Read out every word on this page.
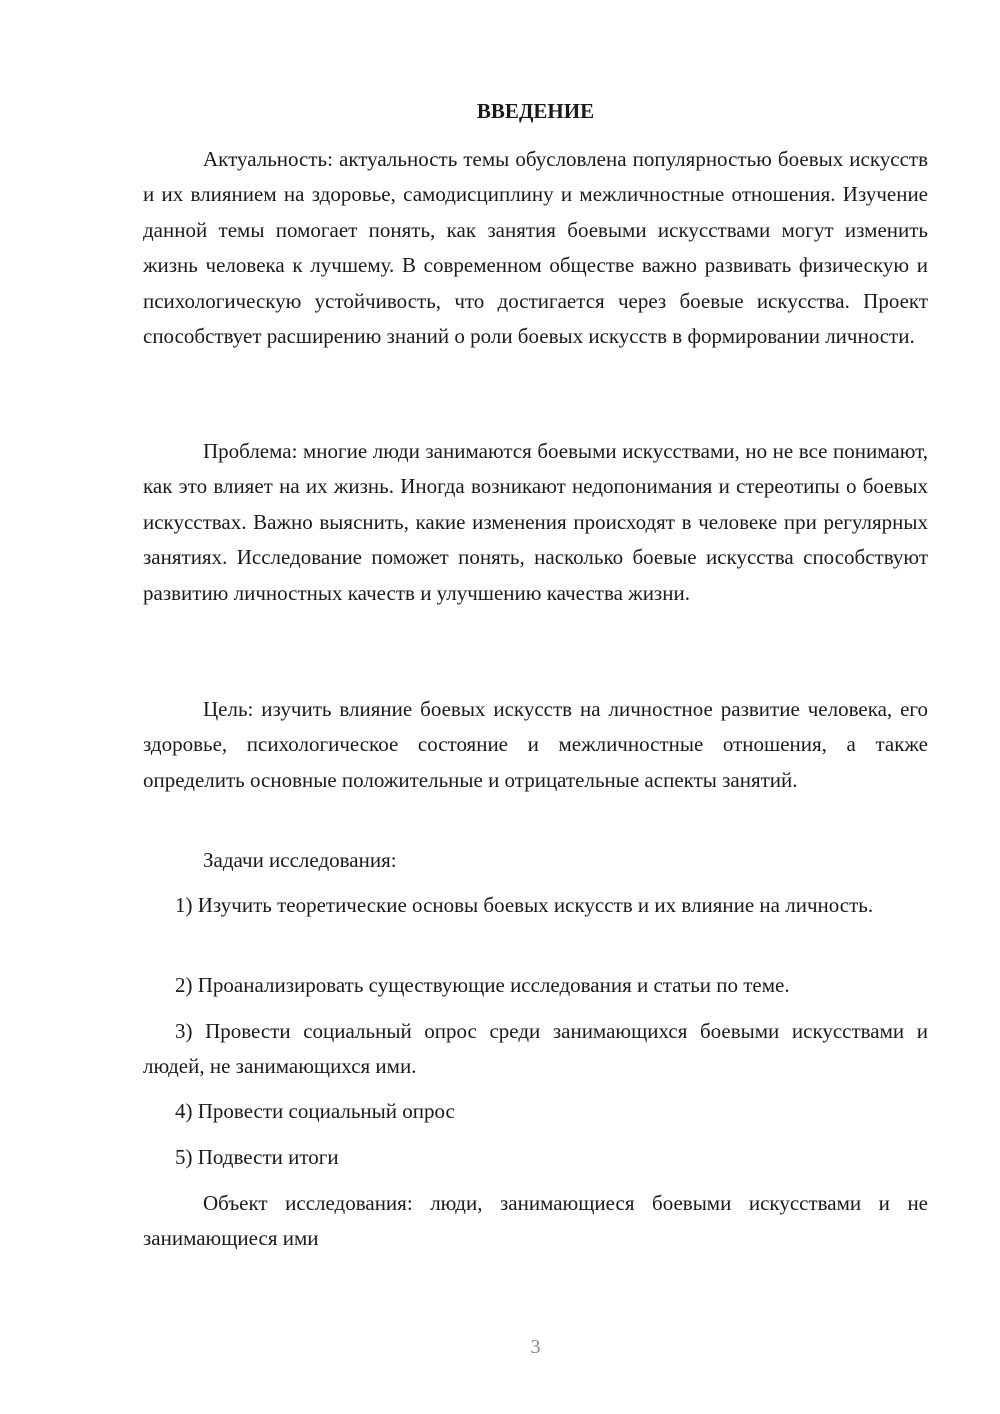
ВВЕДЕНИЕ

Актуальность: актуальность темы обусловлена популярностью боевых искусств и их влиянием на здоровье, самодисциплину и межличностные отношения. Изучение данной темы помогает понять, как занятия боевыми искусствами могут изменить жизнь человека к лучшему. В современном обществе важно развивать физическую и психологическую устойчивость, что достигается через боевые искусства. Проект способствует расширению знаний о роли боевых искусств в формировании личности.

Проблема: многие люди занимаются боевыми искусствами, но не все понимают, как это влияет на их жизнь. Иногда возникают недопонимания и стереотипы о боевых искусствах. Важно выяснить, какие изменения происходят в человеке при регулярных занятиях. Исследование поможет понять, насколько боевые искусства способствуют развитию личностных качеств и улучшению качества жизни.

Цель: изучить влияние боевых искусств на личностное развитие человека, его здоровье, психологическое состояние и межличностные отношения, а также определить основные положительные и отрицательные аспекты занятий.

Задачи исследования:

1) Изучить теоретические основы боевых искусств и их влияние на личность.

2) Проанализировать существующие исследования и статьи по теме.

3) Провести социальный опрос среди занимающихся боевыми искусствами и людей, не занимающихся ими.

4) Провести социальный опрос

5) Подвести итоги

Объект исследования: люди, занимающиеся боевыми искусствами и не занимающиеся ими

3
